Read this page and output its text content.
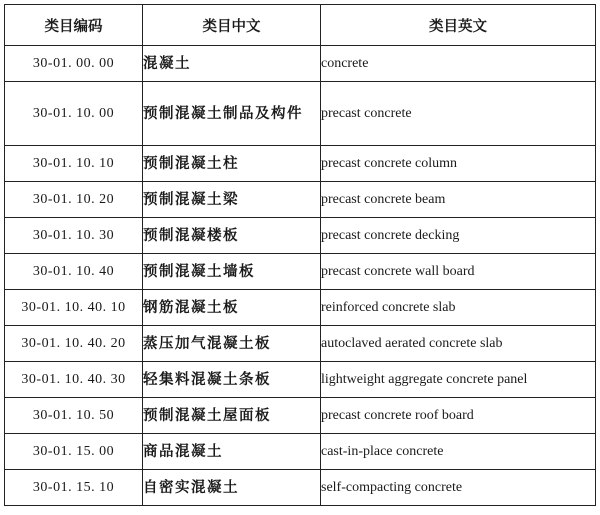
类目编码	类目中文	类目英文
30-01. 00. 00	混凝土	concrete
30-01. 10. 00	预制混凝土制品及构件	precast concrete
30-01. 10. 10	预制混凝土柱	precast concrete column
30-01. 10. 20	预制混凝土梁	precast concrete beam
30-01. 10. 30	预制混凝楼板	precast concrete decking
30-01. 10. 40	预制混凝土墙板	precast concrete wall board
30-01. 10. 40. 10	钢筋混凝土板	reinforced concrete slab
30-01. 10. 40. 20	蒸压加气混凝土板	autoclaved aerated concrete slab
30-01. 10. 40. 30	轻集料混凝土条板	lightweight aggregate concrete panel
30-01. 10. 50	预制混凝土屋面板	precast concrete roof board
30-01. 15. 00	商品混凝土	cast-in-place concrete
30-01. 15. 10	自密实混凝土	self-compacting concrete
